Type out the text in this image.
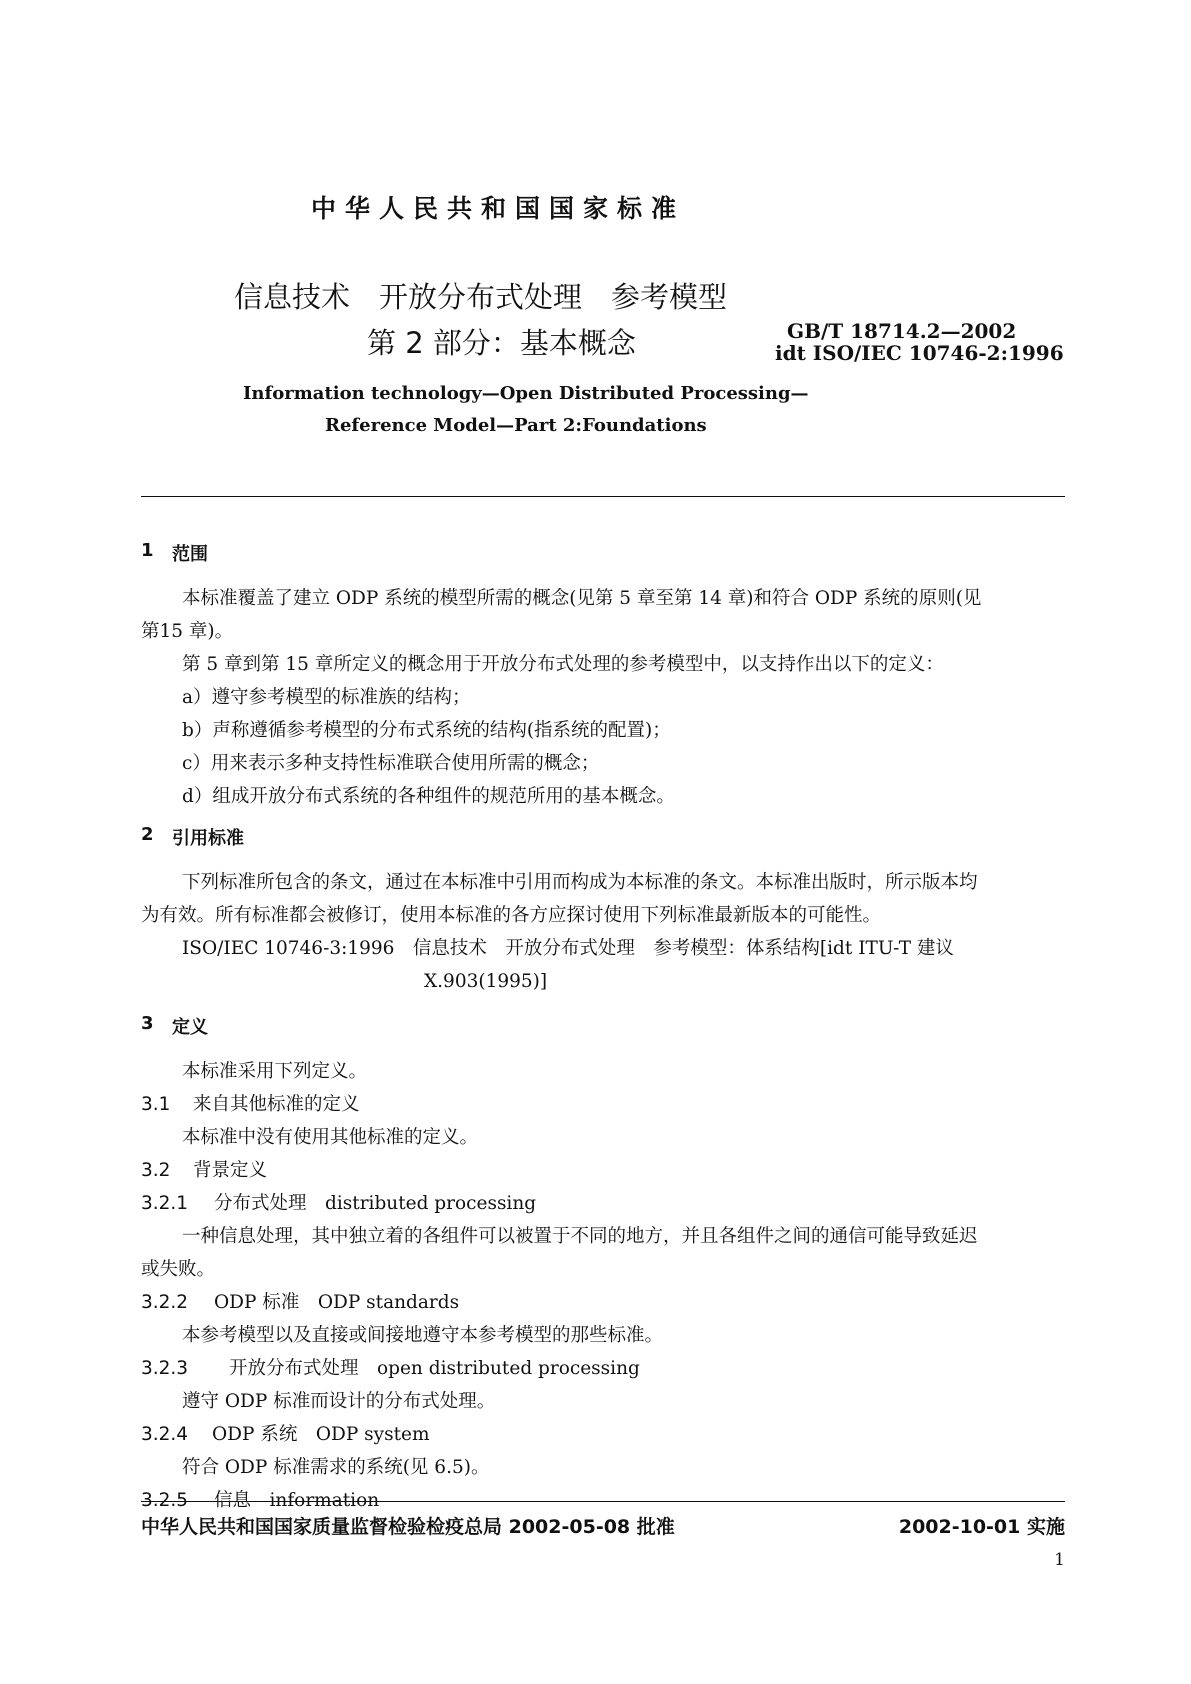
中华人民共和国国家标准
信息技术　开放分布式处理　参考模型
第 2 部分：基本概念	GB/T 18714.2—2002
idt ISO/IEC 10746-2:1996
Information technology—Open Distributed Processing—
Reference Model—Part 2:Foundations
1 范围
本标准覆盖了建立 ODP 系统的模型所需的概念(见第 5 章至第 14 章)和符合 ODP 系统的原则(见
第15 章)。
第 5 章到第 15 章所定义的概念用于开放分布式处理的参考模型中，以支持作出以下的定义：
a）遵守参考模型的标准族的结构；
b）声称遵循参考模型的分布式系统的结构(指系统的配置)；
c）用来表示多种支持性标准联合使用所需的概念；
d）组成开放分布式系统的各种组件的规范所用的基本概念。
2 引用标准
下列标准所包含的条文，通过在本标准中引用而构成为本标准的条文。本标准出版时，所示版本均
为有效。所有标准都会被修订，使用本标准的各方应探讨使用下列标准最新版本的可能性。
ISO/IEC 10746-3:1996　信息技术　开放分布式处理　参考模型：体系结构[idt ITU-T 建议
X.903(1995)]
3 定义
本标准采用下列定义。
3.1 来自其他标准的定义
本标准中没有使用其他标准的定义。
3.2 背景定义
3.2.1 分布式处理　distributed processing
一种信息处理，其中独立着的各组件可以被置于不同的地方，并且各组件之间的通信可能导致延迟
或失败。
3.2.2 ODP 标准　ODP standards
本参考模型以及直接或间接地遵守本参考模型的那些标准。
3.2.3 开放分布式处理　open distributed processing
遵守 ODP 标准而设计的分布式处理。
3.2.4 ODP 系统　ODP system
符合 ODP 标准需求的系统(见 6.5)。
3.2.5 信息　information
中华人民共和国国家质量监督检验检疫总局 2002-05-08 批准	2002-10-01 实施
1
